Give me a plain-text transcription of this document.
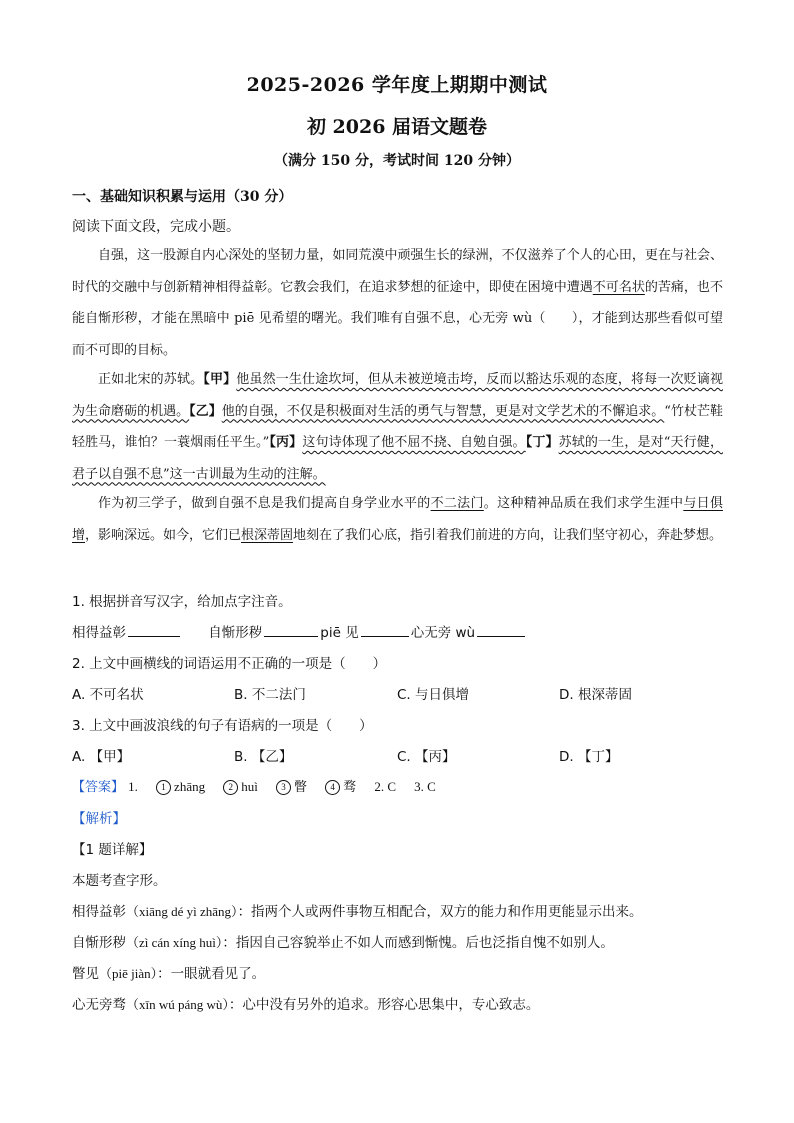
2025-2026 学年度上期期中测试
初 2026 届语文题卷
（满分 150 分，考试时间 120 分钟）
一、基础知识积累与运用（30 分）
阅读下面文段，完成小题。

自强，这一股源自内心深处的坚韧力量，如同荒漠中顽强生长的绿洲，不仅滋养了个人的心田，更在与社会、时代的交融中与创新精神相得益彰。它教会我们，在追求梦想的征途中，即使在困境中遭遇不可名状的苦痛，也不能自惭形秽，才能在黑暗中 piē 见希望的曙光。我们唯有自强不息，心无旁 wù（　　），才能到达那些看似可望而不可即的目标。

正如北宋的苏轼。【甲】他虽然一生仕途坎坷，但从未被逆境击垮，反而以豁达乐观的态度，将每一次贬谪视为生命磨砺的机遇。【乙】他的自强，不仅是积极面对生活的勇气与智慧，更是对文学艺术的不懈追求。“竹杖芒鞋轻胜马，谁怕？一蓑烟雨任平生。”【丙】这句诗体现了他不屈不挠、自勉自强。【丁】苏轼的一生，是对“天行健，君子以自强不息”这一古训最为生动的注解。

作为初三学子，做到自强不息是我们提高自身学业水平的不二法门。这种精神品质在我们求学生涯中与日俱增，影响深远。如今，它们已根深蒂固地刻在了我们心底，指引着我们前进的方向，让我们坚守初心，奔赴梦想。

1. 根据拼音写汉字，给加点字注音。
相得益彰	自惭形秽	piē 见	心无旁 wù
2. 上文中画横线的词语运用不正确的一项是（　　）
A. 不可名状	B. 不二法门	C. 与日俱增	D. 根深蒂固
3. 上文中画波浪线的句子有语病的一项是（　　）
A. 【甲】	B. 【乙】	C. 【丙】	D. 【丁】
【答案】 1.	1 zhāng	2 huì	3 瞥	4 骛 2. C 3. C
【解析】
【1 题详解】
本题考查字形。
相得益彰（xiāng dé yì zhāng）：指两个人或两件事物互相配合，双方的能力和作用更能显示出来。
自惭形秽（zì cán xíng huì）：指因自己容貌举止不如人而感到惭愧。后也泛指自愧不如别人。
瞥见（piē jiàn）：一眼就看见了。
心无旁骛（xīn wú páng wù）：心中没有另外的追求。形容心思集中，专心致志。
